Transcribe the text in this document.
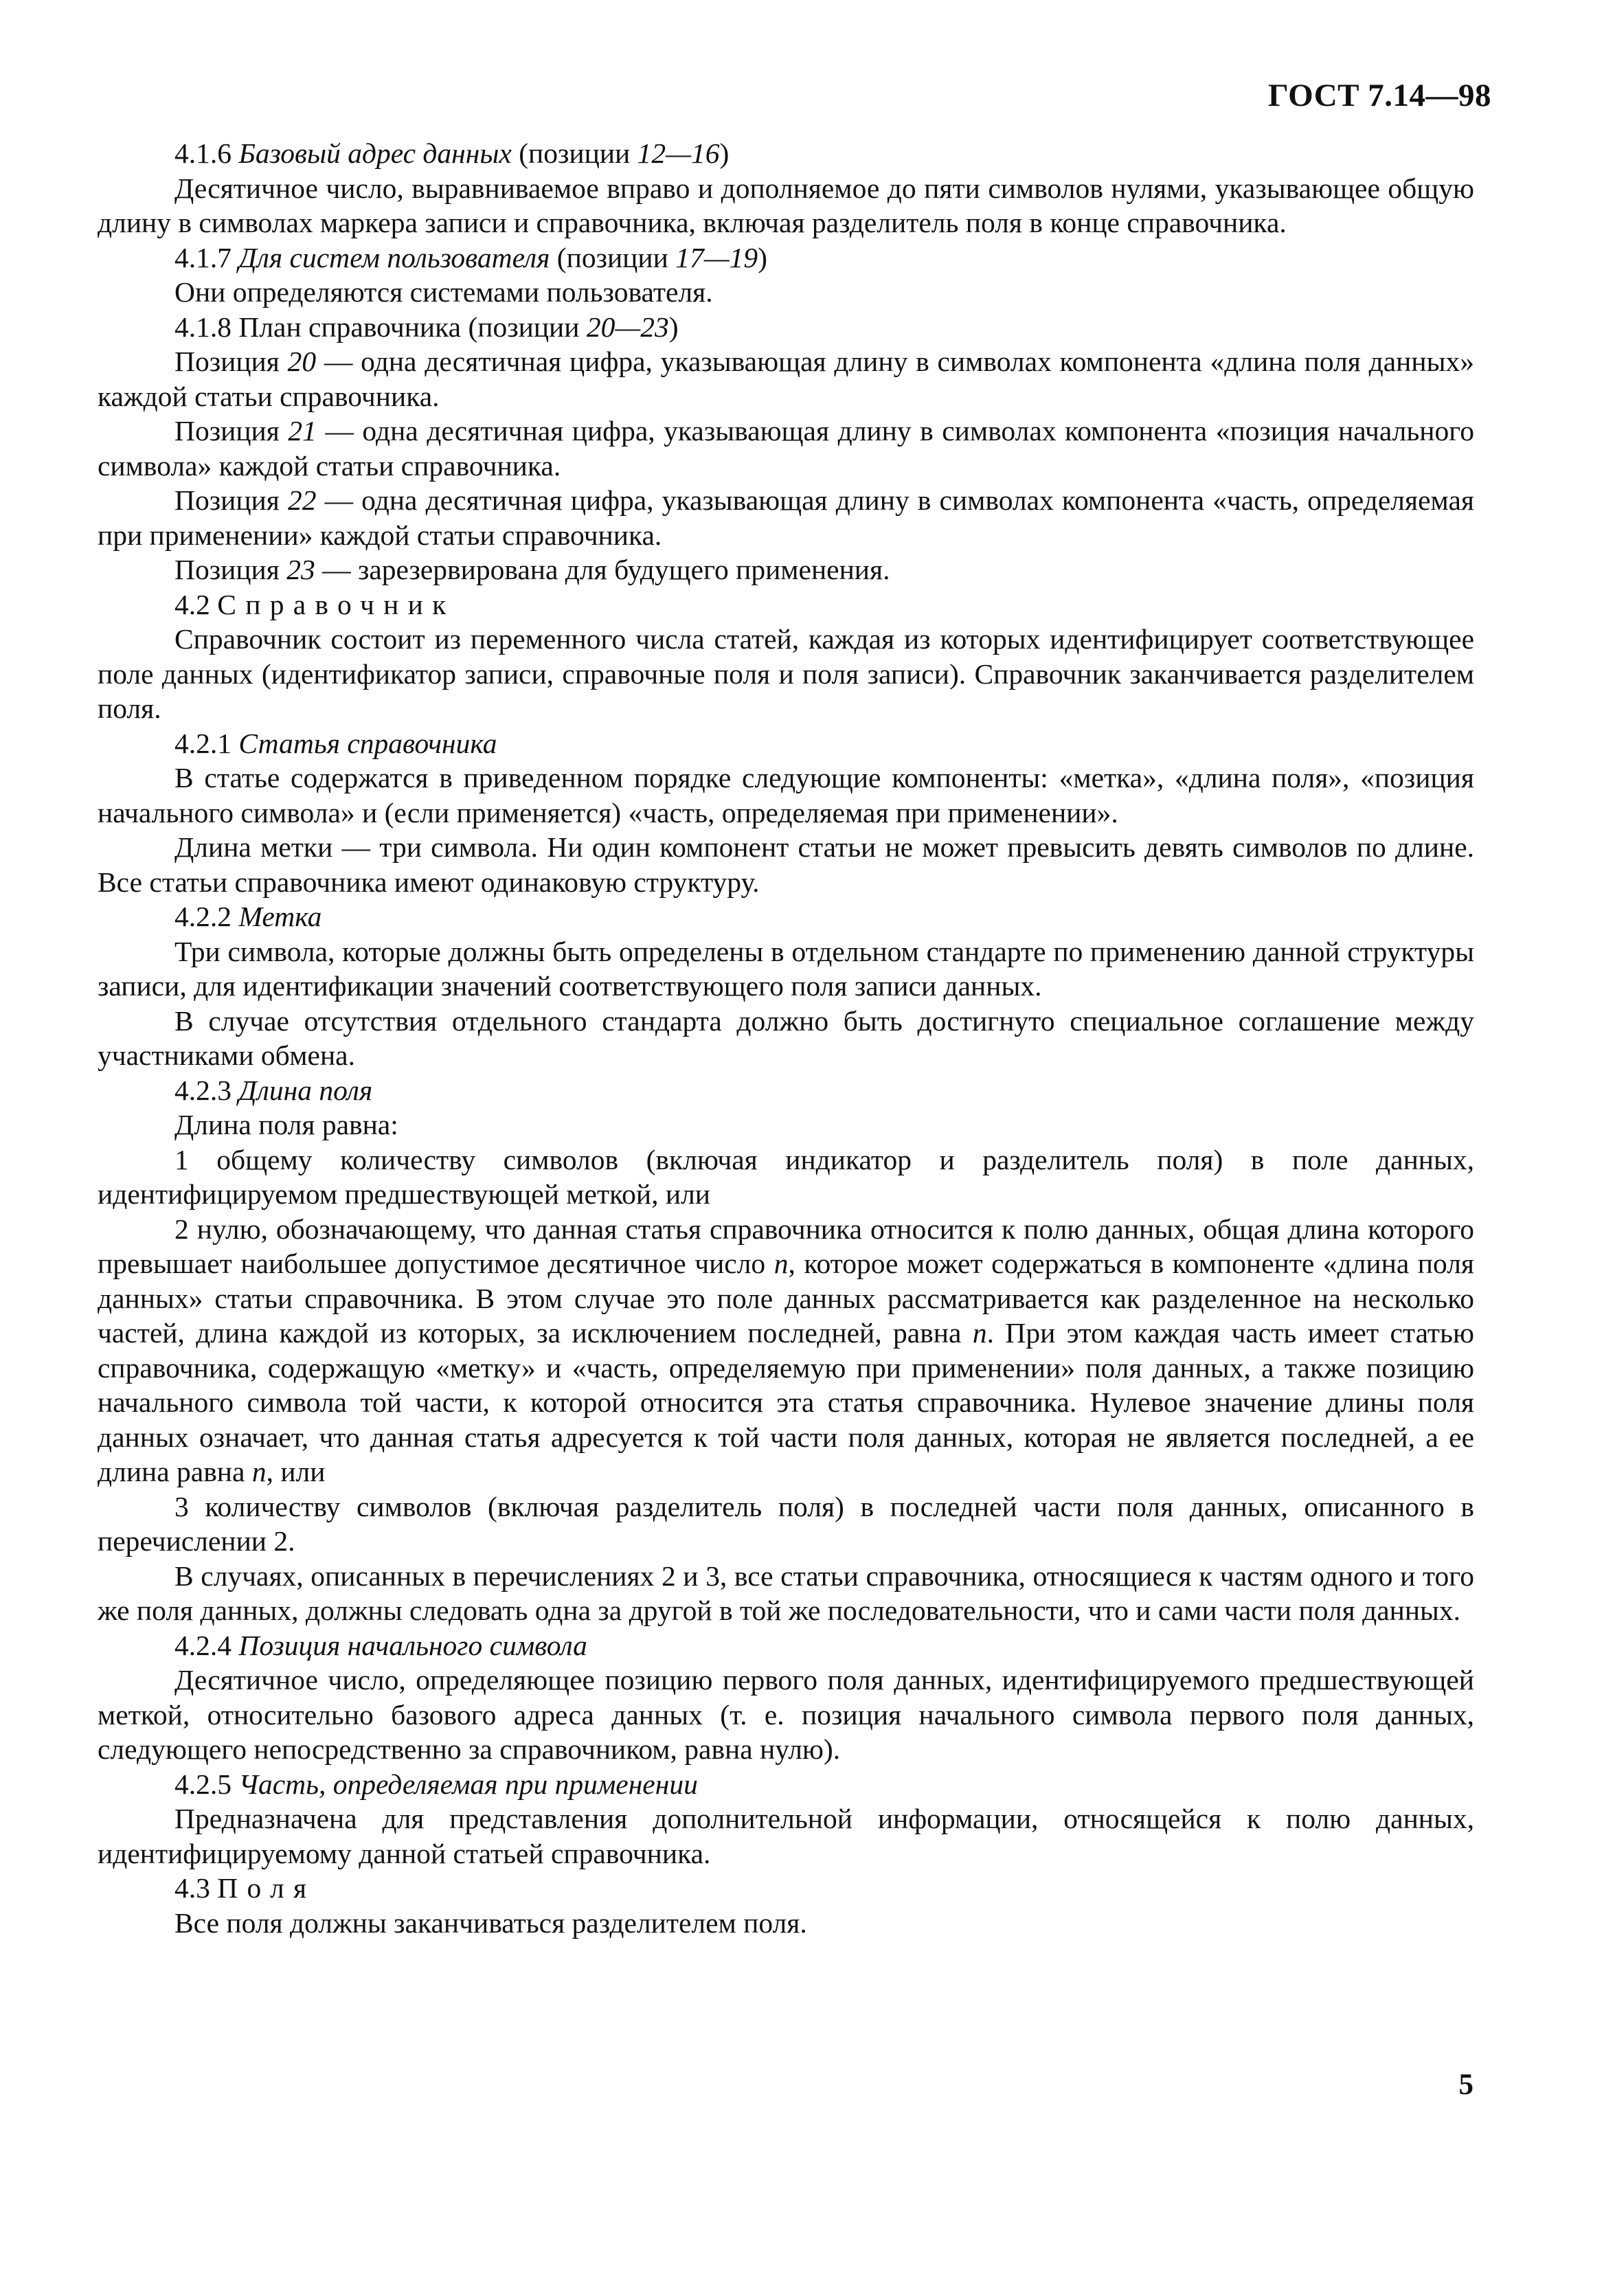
ГОСТ 7.14—98

4.1.6 Базовый адрес данных (позиции 12—16)

Десятичное число, выравниваемое вправо и дополняемое до пяти символов нулями, указывающее общую длину в символах маркера записи и справочника, включая разделитель поля в конце справочника.

4.1.7 Для систем пользователя (позиции 17—19)

Они определяются системами пользователя.

4.1.8 План справочника (позиции 20—23)

Позиция 20 — одна десятичная цифра, указывающая длину в символах компонента «длина поля данных» каждой статьи справочника.

Позиция 21 — одна десятичная цифра, указывающая длину в символах компонента «позиция начального символа» каждой статьи справочника.

Позиция 22 — одна десятичная цифра, указывающая длину в символах компонента «часть, определяемая при применении» каждой статьи справочника.

Позиция 23 — зарезервирована для будущего применения.

4.2 Справочник

Справочник состоит из переменного числа статей, каждая из которых идентифицирует соответствующее поле данных (идентификатор записи, справочные поля и поля записи). Справочник заканчивается разделителем поля.

4.2.1 Статья справочника

В статье содержатся в приведенном порядке следующие компоненты: «метка», «длина поля», «позиция начального символа» и (если применяется) «часть, определяемая при применении».

Длина метки — три символа. Ни один компонент статьи не может превысить девять символов по длине. Все статьи справочника имеют одинаковую структуру.

4.2.2 Метка

Три символа, которые должны быть определены в отдельном стандарте по применению данной структуры записи, для идентификации значений соответствующего поля записи данных.

В случае отсутствия отдельного стандарта должно быть достигнуто специальное соглашение между участниками обмена.

4.2.3 Длина поля

Длина поля равна:

1 общему количеству символов (включая индикатор и разделитель поля) в поле данных, идентифицируемом предшествующей меткой, или

2 нулю, обозначающему, что данная статья справочника относится к полю данных, общая длина которого превышает наибольшее допустимое десятичное число n, которое может содержаться в компоненте «длина поля данных» статьи справочника. В этом случае это поле данных рассматривается как разделенное на несколько частей, длина каждой из которых, за исключением последней, равна n. При этом каждая часть имеет статью справочника, содержащую «метку» и «часть, определяемую при применении» поля данных, а также позицию начального символа той части, к которой относится эта статья справочника. Нулевое значение длины поля данных означает, что данная статья адресуется к той части поля данных, которая не является последней, а ее длина равна n, или

3 количеству символов (включая разделитель поля) в последней части поля данных, описанного в перечислении 2.

В случаях, описанных в перечислениях 2 и 3, все статьи справочника, относящиеся к частям одного и того же поля данных, должны следовать одна за другой в той же последовательности, что и сами части поля данных.

4.2.4 Позиция начального символа

Десятичное число, определяющее позицию первого поля данных, идентифицируемого предшествующей меткой, относительно базового адреса данных (т. е. позиция начального символа первого поля данных, следующего непосредственно за справочником, равна нулю).

4.2.5 Часть, определяемая при применении

Предназначена для представления дополнительной информации, относящейся к полю данных, идентифицируемому данной статьей справочника.

4.3 Поля

Все поля должны заканчиваться разделителем поля.

5
